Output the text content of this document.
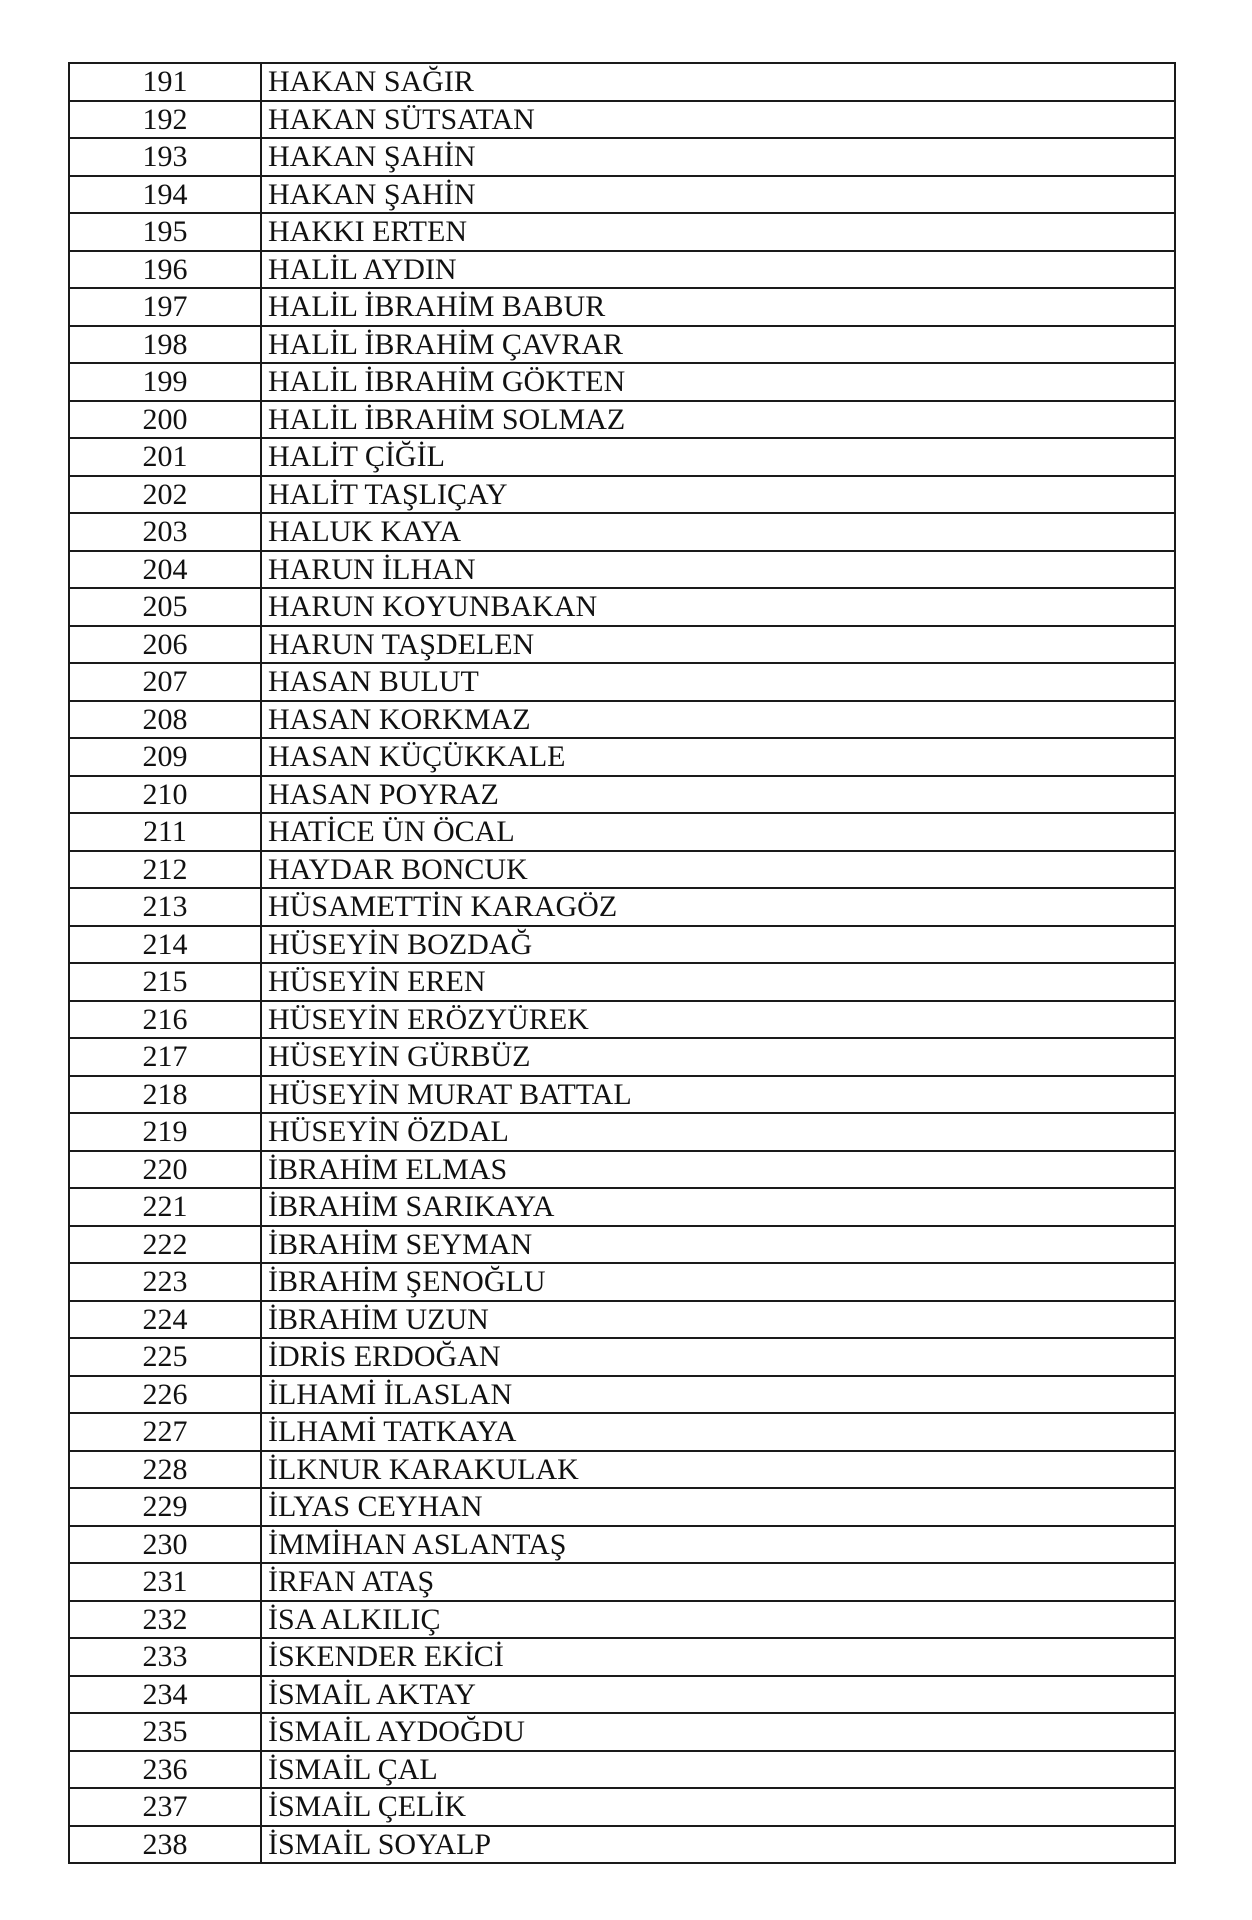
191	HAKAN SAĞIR
192	HAKAN SÜTSATAN
193	HAKAN ŞAHİN
194	HAKAN ŞAHİN
195	HAKKI ERTEN
196	HALİL AYDIN
197	HALİL İBRAHİM BABUR
198	HALİL İBRAHİM ÇAVRAR
199	HALİL İBRAHİM GÖKTEN
200	HALİL İBRAHİM SOLMAZ
201	HALİT ÇİĞİL
202	HALİT TAŞLIÇAY
203	HALUK KAYA
204	HARUN İLHAN
205	HARUN KOYUNBAKAN
206	HARUN TAŞDELEN
207	HASAN BULUT
208	HASAN KORKMAZ
209	HASAN KÜÇÜKKALE
210	HASAN POYRAZ
211	HATİCE ÜN ÖCAL
212	HAYDAR BONCUK
213	HÜSAMETTİN KARAGÖZ
214	HÜSEYİN BOZDAĞ
215	HÜSEYİN EREN
216	HÜSEYİN ERÖZYÜREK
217	HÜSEYİN GÜRBÜZ
218	HÜSEYİN MURAT BATTAL
219	HÜSEYİN ÖZDAL
220	İBRAHİM ELMAS
221	İBRAHİM SARIKAYA
222	İBRAHİM SEYMAN
223	İBRAHİM ŞENOĞLU
224	İBRAHİM UZUN
225	İDRİS ERDOĞAN
226	İLHAMİ İLASLAN
227	İLHAMİ TATKAYA
228	İLKNUR KARAKULAK
229	İLYAS CEYHAN
230	İMMİHAN ASLANTAŞ
231	İRFAN ATAŞ
232	İSA ALKILIÇ
233	İSKENDER EKİCİ
234	İSMAİL AKTAY
235	İSMAİL AYDOĞDU
236	İSMAİL ÇAL
237	İSMAİL ÇELİK
238	İSMAİL SOYALP
